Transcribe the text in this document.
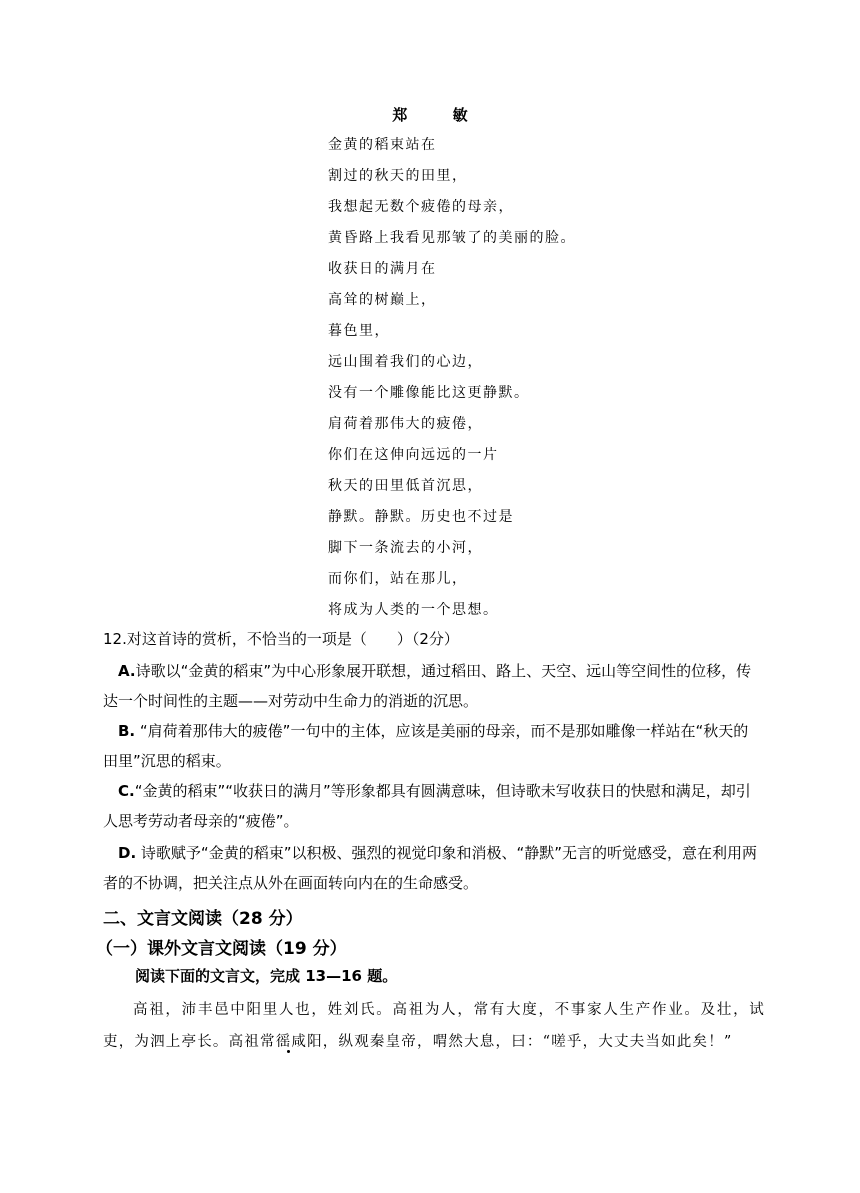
郑 敏
金黄的稻束站在
割过的秋天的田里，
我想起无数个疲倦的母亲，
黄昏路上我看见那皱了的美丽的脸。
收获日的满月在
高耸的树巅上，
暮色里，
远山围着我们的心边，
没有一个雕像能比这更静默。
肩荷着那伟大的疲倦，
你们在这伸向远远的一片
秋天的田里低首沉思，
静默。静默。历史也不过是
脚下一条流去的小河，
而你们，站在那儿，
将成为人类的一个思想。
12.对这首诗的赏析，不恰当的一项是（　　）（2分）
A.诗歌以“金黄的稻束”为中心形象展开联想，通过稻田、路上、天空、远山等空间性的位移，传达一个时间性的主题——对劳动中生命力的消逝的沉思。
B. “肩荷着那伟大的疲倦”一句中的主体，应该是美丽的母亲，而不是那如雕像一样站在“秋天的田里”沉思的稻束。
C.“金黄的稻束”“收获日的满月”等形象都具有圆满意味，但诗歌未写收获日的快慰和满足，却引人思考劳动者母亲的“疲倦”。
D. 诗歌赋予“金黄的稻束”以积极、强烈的视觉印象和消极、“静默”无言的听觉感受，意在利用两者的不协调，把关注点从外在画面转向内在的生命感受。
二、文言文阅读（28 分）
（一）课外文言文阅读（19 分）
阅读下面的文言文，完成 13—16 题。
高祖，沛丰邑中阳里人也，姓刘氏。高祖为人，常有大度，不事家人生产作业。及壮，试吏，为泗上亭长。高祖常徭咸阳，纵观秦皇帝，喟然大息，曰：“嗟乎，大丈夫当如此矣！”
